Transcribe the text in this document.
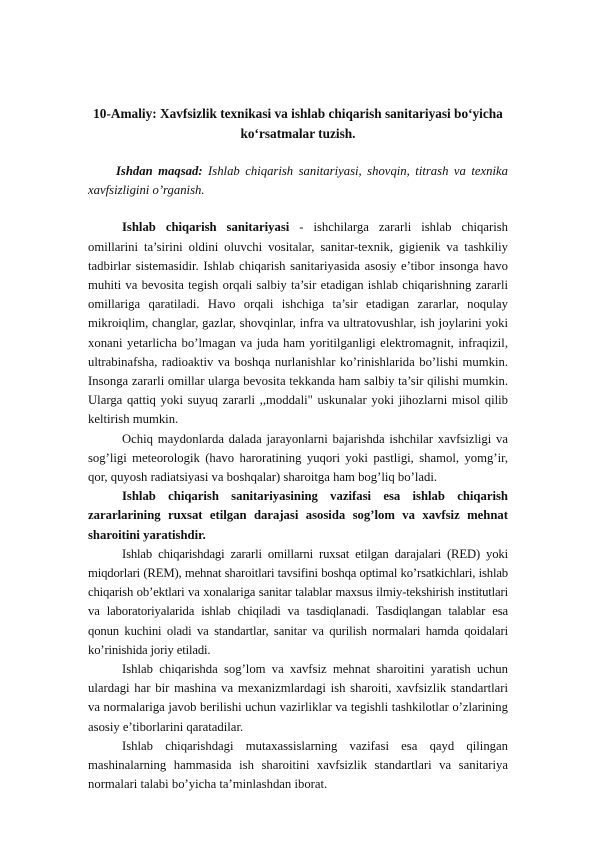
10-Amaliy: Xavfsizlik texnikasi va ishlab chiqarish sanitariyasi bo‘yicha
ko‘rsatmalar tuzish.
Ishdan maqsad: Ishlab chiqarish sanitariyasi, shovqin, titrash va texnika xavfsizligini o’rganish.

Ishlab chiqarish sanitariyasi - ishchilarga zararli ishlab chiqarish omillarini ta’sirini oldini oluvchi vositalar, sanitar-texnik, gigienik va tashkiliy tadbirlar sistemasidir. Ishlab chiqarish sanitariyasida asosiy e’tibor insonga havo muhiti va bevosita tegish orqali salbiy ta’sir etadigan ishlab chiqarishning zararli omillariga qaratiladi. Havo orqali ishchiga ta’sir etadigan zararlar, noqulay mikroiqlim, changlar, gazlar, shovqinlar, infra va ultratovushlar, ish joylarini yoki xonani yetarlicha bo’lmagan va juda ham yoritilganligi elektromagnit, infraqizil, ultrabinafsha, radioaktiv va boshqa nurlanishlar ko’rinishlarida bo’lishi mumkin. Insonga zararli omillar ularga bevosita tekkanda ham salbiy ta’sir qilishi mumkin. Ularga qattiq yoki suyuq zararli ,,moddali" uskunalar yoki jihozlarni misol qilib keltirish mumkin.

Ochiq maydonlarda dalada jarayonlarni bajarishda ishchilar xavfsizligi va sog’ligi meteorologik (havo haroratining yuqori yoki pastligi, shamol, yomg’ir, qor, quyosh radiatsiyasi va boshqalar) sharoitga ham bog’liq bo’ladi.

Ishlab chiqarish sanitariyasining vazifasi esa ishlab chiqarish zararlarining ruxsat etilgan darajasi asosida sog’lom va xavfsiz mehnat sharoitini yaratishdir.

Ishlab chiqarishdagi zararli omillarni ruxsat etilgan darajalari (RED) yoki miqdorlari (REM), mehnat sharoitlari tavsifini boshqa optimal ko’rsatkichlari, ishlab chiqarish ob’ektlari va xonalariga sanitar talablar maxsus ilmiy-tekshirish institutlari va laboratoriyalarida ishlab chiqiladi va tasdiqlanadi. Tasdiqlangan talablar esa qonun kuchini oladi va standartlar, sanitar va qurilish normalari hamda qoidalari ko’rinishida joriy etiladi.

Ishlab chiqarishda sog’lom va xavfsiz mehnat sharoitini yaratish uchun ulardagi har bir mashina va mexanizmlardagi ish sharoiti, xavfsizlik standartlari va normalariga javob berilishi uchun vazirliklar va tegishli tashkilotlar o’zlarining asosiy e’tiborlarini qaratadilar.

Ishlab chiqarishdagi mutaxassislarning vazifasi esa qayd qilingan mashinalarning hammasida ish sharoitini xavfsizlik standartlari va sanitariya normalari talabi bo’yicha ta’minlashdan iborat.
